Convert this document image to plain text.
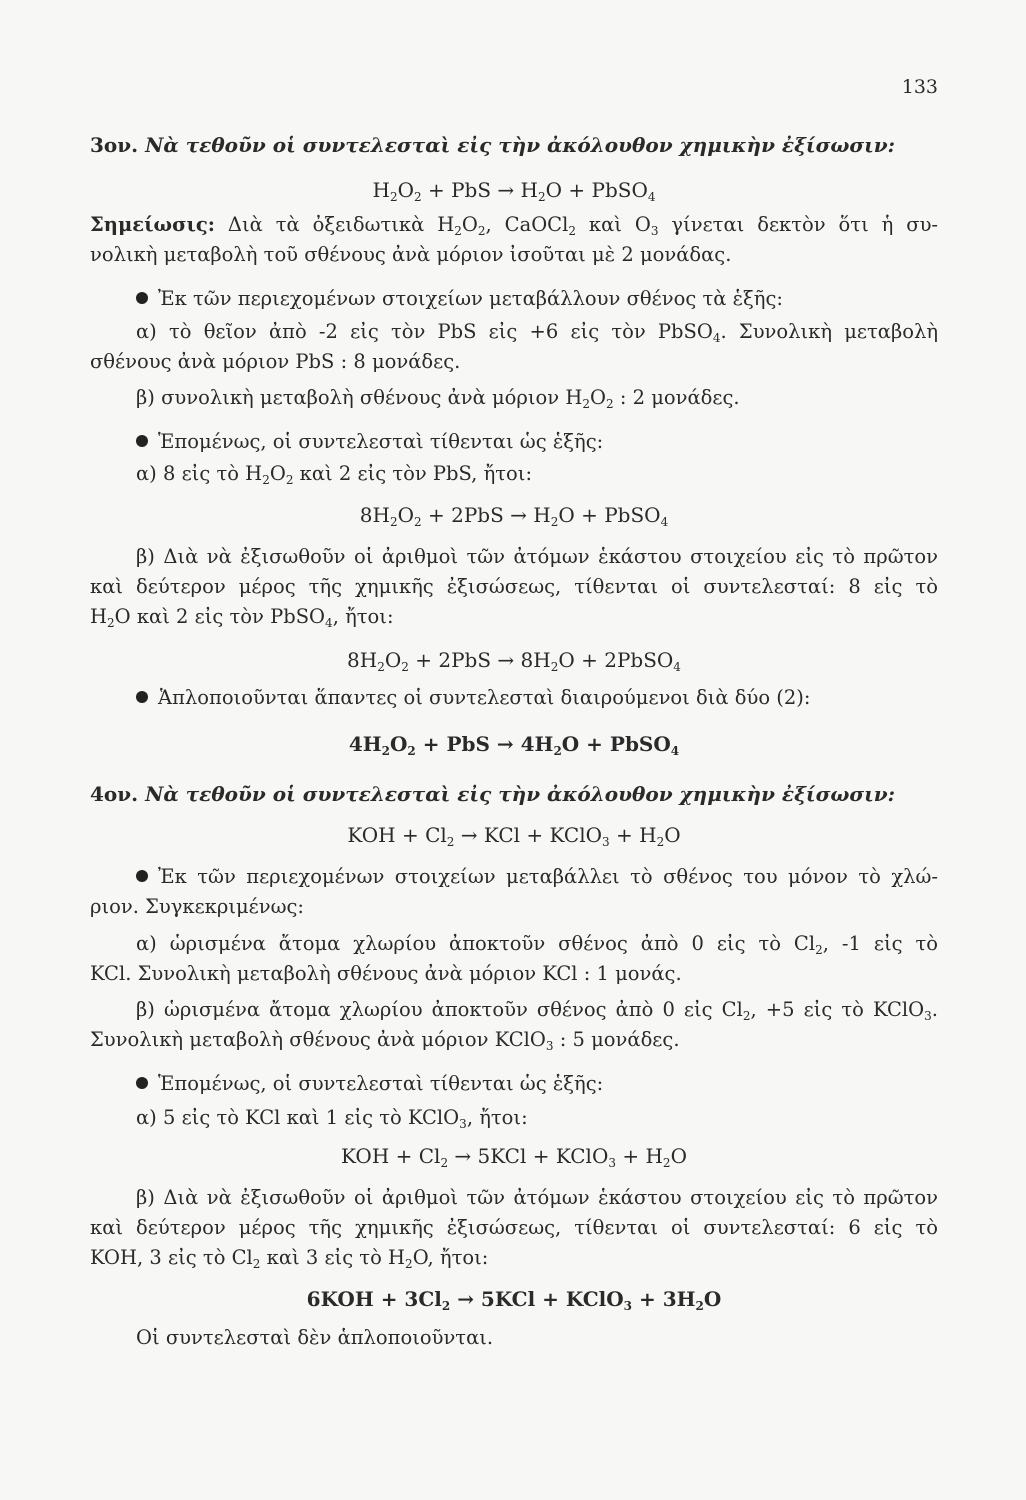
133
3ον. Νὰ τεθοῦν οἱ συντελεσταὶ εἰς τὴν ἀκόλουθον χημικὴν ἐξίσωσιν:
$H_2O_2$ + PbS → $H_2O$ + PbSO$_4$
Σημείωσις: Διὰ τὰ ὀξειδωτικὰ $H_2O_2$, CaOCl$_2$ καὶ $O_3$ γίνεται δεκτὸν ὅτι ἡ συ-
νολικὴ μεταβολὴ τοῦ σθένους ἀνὰ μόριον ἰσοῦται μὲ 2 μονάδας.
Ἐκ τῶν περιεχομένων στοιχείων μεταβάλλουν σθένος τὰ ἑξῆς:
α) τὸ θεῖον ἀπὸ -2 εἰς τὸν PbS εἰς +6 εἰς τὸν PbSO$_4$. Συνολικὴ μεταβολὴ
σθένους ἀνὰ μόριον PbS : 8 μονάδες.
β) συνολικὴ μεταβολὴ σθένους ἀνὰ μόριον $H_2O_2$ : 2 μονάδες.
Ἑπομένως, οἱ συντελεσταὶ τίθενται ὡς ἑξῆς:
α) 8 εἰς τὸ $H_2O_2$ καὶ 2 εἰς τὸν PbS, ἤτοι:
$8H_2O_2 + 2PbS \to H_2O$ + PbSO$_4$
β) Διὰ νὰ ἐξισωθοῦν οἱ ἀριθμοὶ τῶν ἀτόμων ἑκάστου στοιχείου εἰς τὸ πρῶτον
καὶ δεύτερον μέρος τῆς χημικῆς ἐξισώσεως, τίθενται οἱ συντελεσταί: 8 εἰς τὸ
$H_2O$ καὶ 2 εἰς τὸν PbSO$_4$, ἤτοι:
$8H_2O_2 + 2PbS \to 8H_2O$ + 2PbSO$_4$
Ἁπλοποιοῦνται ἅπαντες οἱ συντελεσταὶ διαιρούμενοι διὰ δύο (2):
$4H_2O_2$ + PbS → $4H_2O$ + PbSO$_4$
4ον. Νὰ τεθοῦν οἱ συντελεσταὶ εἰς τὴν ἀκόλουθον χημικὴν ἐξίσωσιν:
KOH + $Cl_2$ → KCl + KClO$_3$ + $H_2O$
Ἐκ τῶν περιεχομένων στοιχείων μεταβάλλει τὸ σθένος του μόνον τὸ χλώ-
ριον. Συγκεκριμένως:
α) ὡρισμένα ἄτομα χλωρίου ἀποκτοῦν σθένος ἀπὸ 0 εἰς τὸ $Cl_2$, -1 εἰς τὸ
KCl. Συνολικὴ μεταβολὴ σθένους ἀνὰ μόριον KCl : 1 μονάς.
β) ὡρισμένα ἄτομα χλωρίου ἀποκτοῦν σθένος ἀπὸ 0 εἰς $Cl_2$, +5 εἰς τὸ KClO$_3$.
Συνολικὴ μεταβολὴ σθένους ἀνὰ μόριον KClO$_3$ : 5 μονάδες.
Ἑπομένως, οἱ συντελεσταὶ τίθενται ὡς ἑξῆς:
α) 5 εἰς τὸ KCl καὶ 1 εἰς τὸ KClO$_3$, ἤτοι:
KOH + $Cl_2 \to 5KCl$ + KClO$_3$ + $H_2O$
β) Διὰ νὰ ἐξισωθοῦν οἱ ἀριθμοὶ τῶν ἀτόμων ἑκάστου στοιχείου εἰς τὸ πρῶτον
καὶ δεύτερον μέρος τῆς χημικῆς ἐξισώσεως, τίθενται οἱ συντελεσταί: 6 εἰς τὸ
KOH, 3 εἰς τὸ $Cl_2$ καὶ 3 εἰς τὸ $H_2O$, ἤτοι:
$6KOH + 3Cl_2 \to 5KCl$ + KClO$_3$ + $3H_2O$
Οἱ συντελεσταὶ δὲν ἁπλοποιοῦνται.
